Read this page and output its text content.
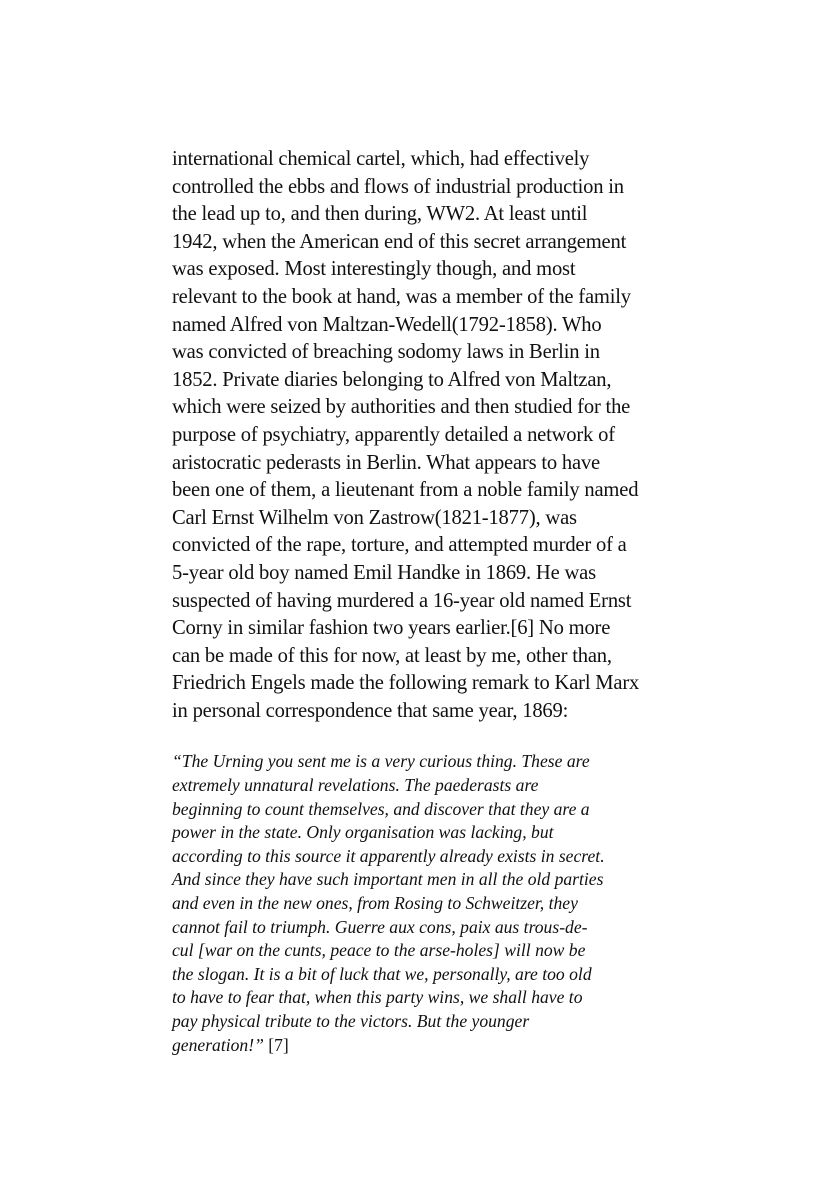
international chemical cartel, which, had effectively
controlled the ebbs and flows of industrial production in
the lead up to, and then during, WW2. At least until
1942, when the American end of this secret arrangement
was exposed. Most interestingly though, and most
relevant to the book at hand, was a member of the family
named Alfred von Maltzan-Wedell(1792-1858). Who
was convicted of breaching sodomy laws in Berlin in
1852. Private diaries belonging to Alfred von Maltzan,
which were seized by authorities and then studied for the
purpose of psychiatry, apparently detailed a network of
aristocratic pederasts in Berlin. What appears to have
been one of them, a lieutenant from a noble family named
Carl Ernst Wilhelm von Zastrow(1821-1877), was
convicted of the rape, torture, and attempted murder of a
5-year old boy named Emil Handke in 1869. He was
suspected of having murdered a 16-year old named Ernst
Corny in similar fashion two years earlier.[6] No more
can be made of this for now, at least by me, other than,
Friedrich Engels made the following remark to Karl Marx
in personal correspondence that same year, 1869:
“The Urning you sent me is a very curious thing. These are
extremely unnatural revelations. The paederasts are
beginning to count themselves, and discover that they are a
power in the state. Only organisation was lacking, but
according to this source it apparently already exists in secret.
And since they have such important men in all the old parties
and even in the new ones, from Rosing to Schweitzer, they
cannot fail to triumph. Guerre aux cons, paix aus trous-de-
cul [war on the cunts, peace to the arse-holes] will now be
the slogan. It is a bit of luck that we, personally, are too old
to have to fear that, when this party wins, we shall have to
pay physical tribute to the victors. But the younger
generation!” [7]
